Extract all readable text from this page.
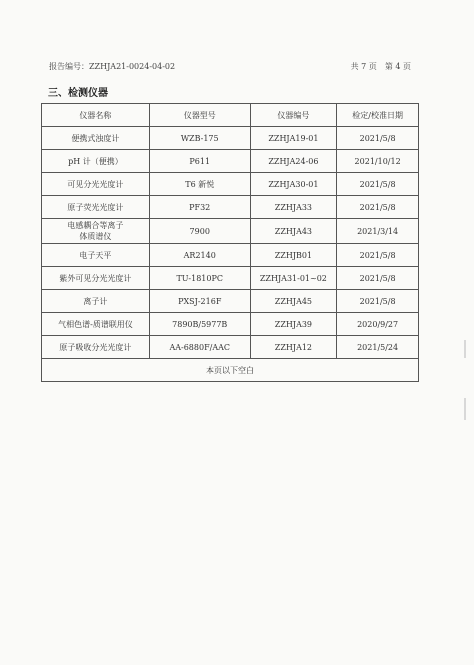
报告编号：ZZHJA21-0024-04-02	共 7 页　第 4 页
三、检测仪器
仪器名称	仪器型号	仪器编号	检定/校准日期
便携式浊度计	WZB-175	ZZHJA19-01	2021/5/8
pH 计（便携）	P611	ZZHJA24-06	2021/10/12
可见分光光度计	T6 新悦	ZZHJA30-01	2021/5/8
原子荧光光度计	PF32	ZZHJA33	2021/5/8
电感耦合等离子
体质谱仪	7900	ZZHJA43	2021/3/14
电子天平	AR2140	ZZHJB01	2021/5/8
紫外可见分光光度计	TU-1810PC	ZZHJA31-01~02	2021/5/8
离子计	PXSJ-216F	ZZHJA45	2021/5/8
气相色谱-质谱联用仪	7890B/5977B	ZZHJA39	2020/9/27
原子吸收分光光度计	AA-6880F/AAC	ZZHJA12	2021/5/24
本页以下空白			
